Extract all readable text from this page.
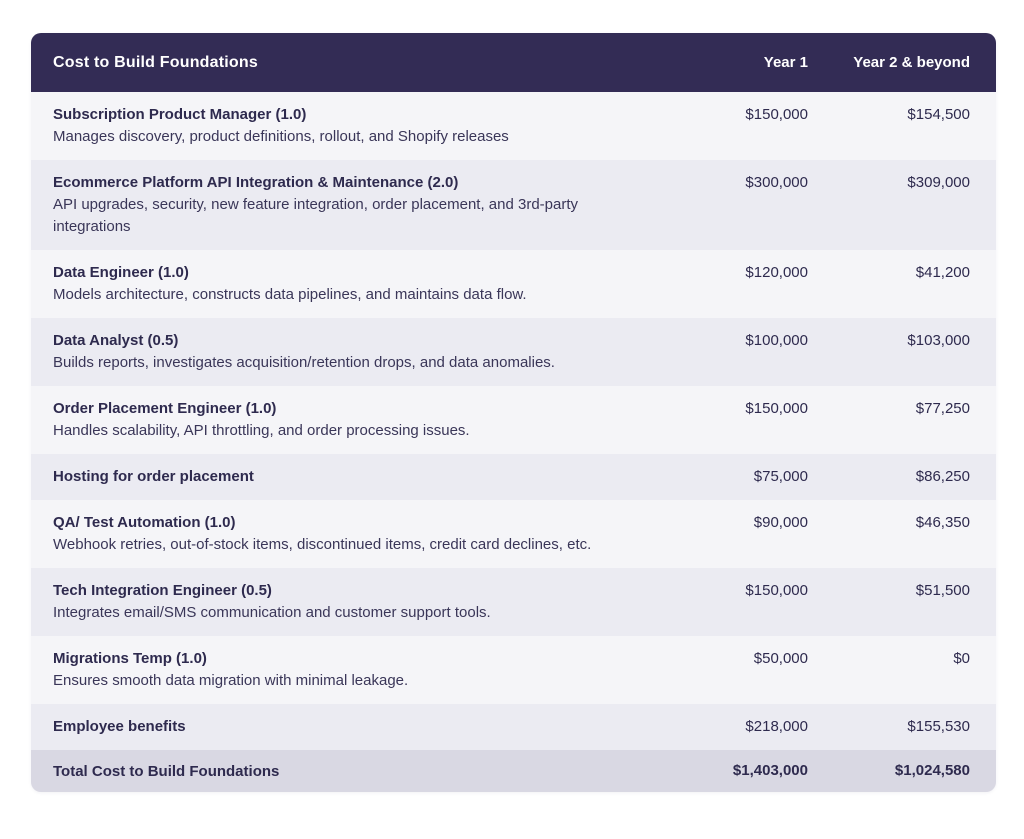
Cost to Build Foundations	Year 1	Year 2 & beyond
Subscription Product Manager (1.0)
Manages discovery, product definitions, rollout, and Shopify releases
$150,000	$154,500
Ecommerce Platform API Integration & Maintenance (2.0)
API upgrades, security, new feature integration, order placement, and 3rd-party integrations
$300,000	$309,000
Data Engineer (1.0)
Models architecture, constructs data pipelines, and maintains data flow.
$120,000	$41,200
Data Analyst (0.5)
Builds reports, investigates acquisition/retention drops, and data anomalies.
$100,000	$103,000
Order Placement Engineer (1.0)
Handles scalability, API throttling, and order processing issues.
$150,000	$77,250
Hosting for order placement	$75,000	$86,250
QA/ Test Automation (1.0)
Webhook retries, out-of-stock items, discontinued items, credit card declines, etc.
$90,000	$46,350
Tech Integration Engineer (0.5)
Integrates email/SMS communication and customer support tools.
$150,000	$51,500
Migrations Temp (1.0)
Ensures smooth data migration with minimal leakage.
$50,000	$0
Employee benefits	$218,000	$155,530
Total Cost to Build Foundations	$1,403,000	$1,024,580
